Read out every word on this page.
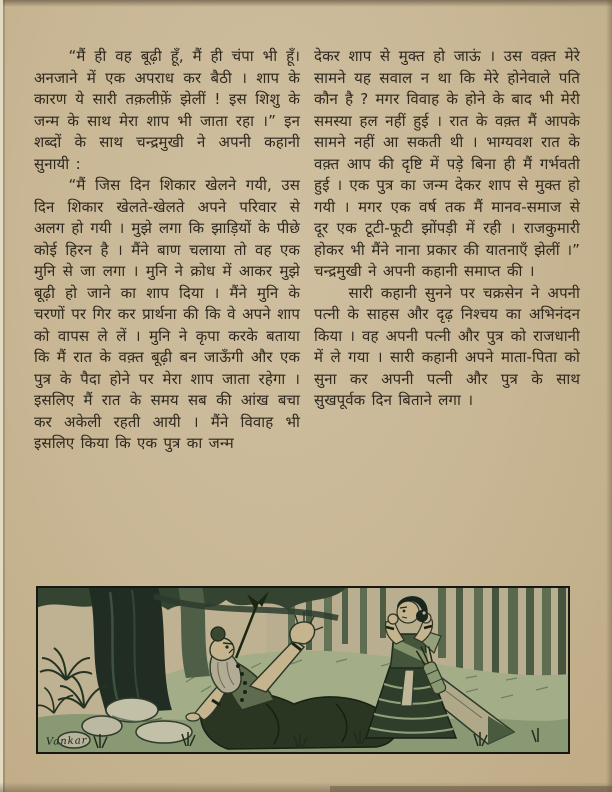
“मैं ही वह बूढ़ी हूँ, मैं ही चंपा भी हूँ। अनजाने में एक अपराध कर बैठी । शाप के कारण ये सारी तक़लीफ़ें झेलीं ! इस शिशु के जन्म के साथ मेरा शाप भी जाता रहा ।” इन शब्दों के साथ चन्द्रमुखी ने अपनी कहानी सुनायी :

“मैं जिस दिन शिकार खेलने गयी, उस दिन शिकार खेलते-खेलते अपने परिवार से अलग हो गयी । मुझे लगा कि झाड़ियों के पीछे कोई हिरन है । मैंने बाण चलाया तो वह एक मुनि से जा लगा । मुनि ने क्रोध में आकर मुझे बूढ़ी हो जाने का शाप दिया । मैंने मुनि के चरणों पर गिर कर प्रार्थना की कि वे अपने शाप को वापस ले लें । मुनि ने कृपा करके बताया कि मैं रात के वक़्त बूढ़ी बन जाऊँगी और एक पुत्र के पैदा होने पर मेरा शाप जाता रहेगा । इसलिए मैं रात के समय सब की आंख बचा कर अकेली रहती आयी । मैंने विवाह भी इसलिए किया कि एक पुत्र का जन्म

देकर शाप से मुक्त हो जाऊं । उस वक़्त मेरे सामने यह सवाल न था कि मेरे होनेवाले पति कौन है ? मगर विवाह के होने के बाद भी मेरी समस्या हल नहीं हुई । रात के वक़्त मैं आपके सामने नहीं आ सकती थी । भाग्यवश रात के वक़्त आप की दृष्टि में पड़े बिना ही मैं गर्भवती हुई । एक पुत्र का जन्म देकर शाप से मुक्त हो गयी । मगर एक वर्ष तक मैं मानव-समाज से दूर एक टूटी-फूटी झोंपड़ी में रही । राजकुमारी होकर भी मैंने नाना प्रकार की यातनाएँ झेलीं ।” चन्द्रमुखी ने अपनी कहानी समाप्त की ।

सारी कहानी सुनने पर चक्रसेन ने अपनी पत्नी के साहस और दृढ़ निश्चय का अभिनंदन किया । वह अपनी पत्नी और पुत्र को राजधानी में ले गया । सारी कहानी अपने माता-पिता को सुना कर अपनी पत्नी और पुत्र के साथ सुखपूर्वक दिन बिताने लगा ।

Vankar
